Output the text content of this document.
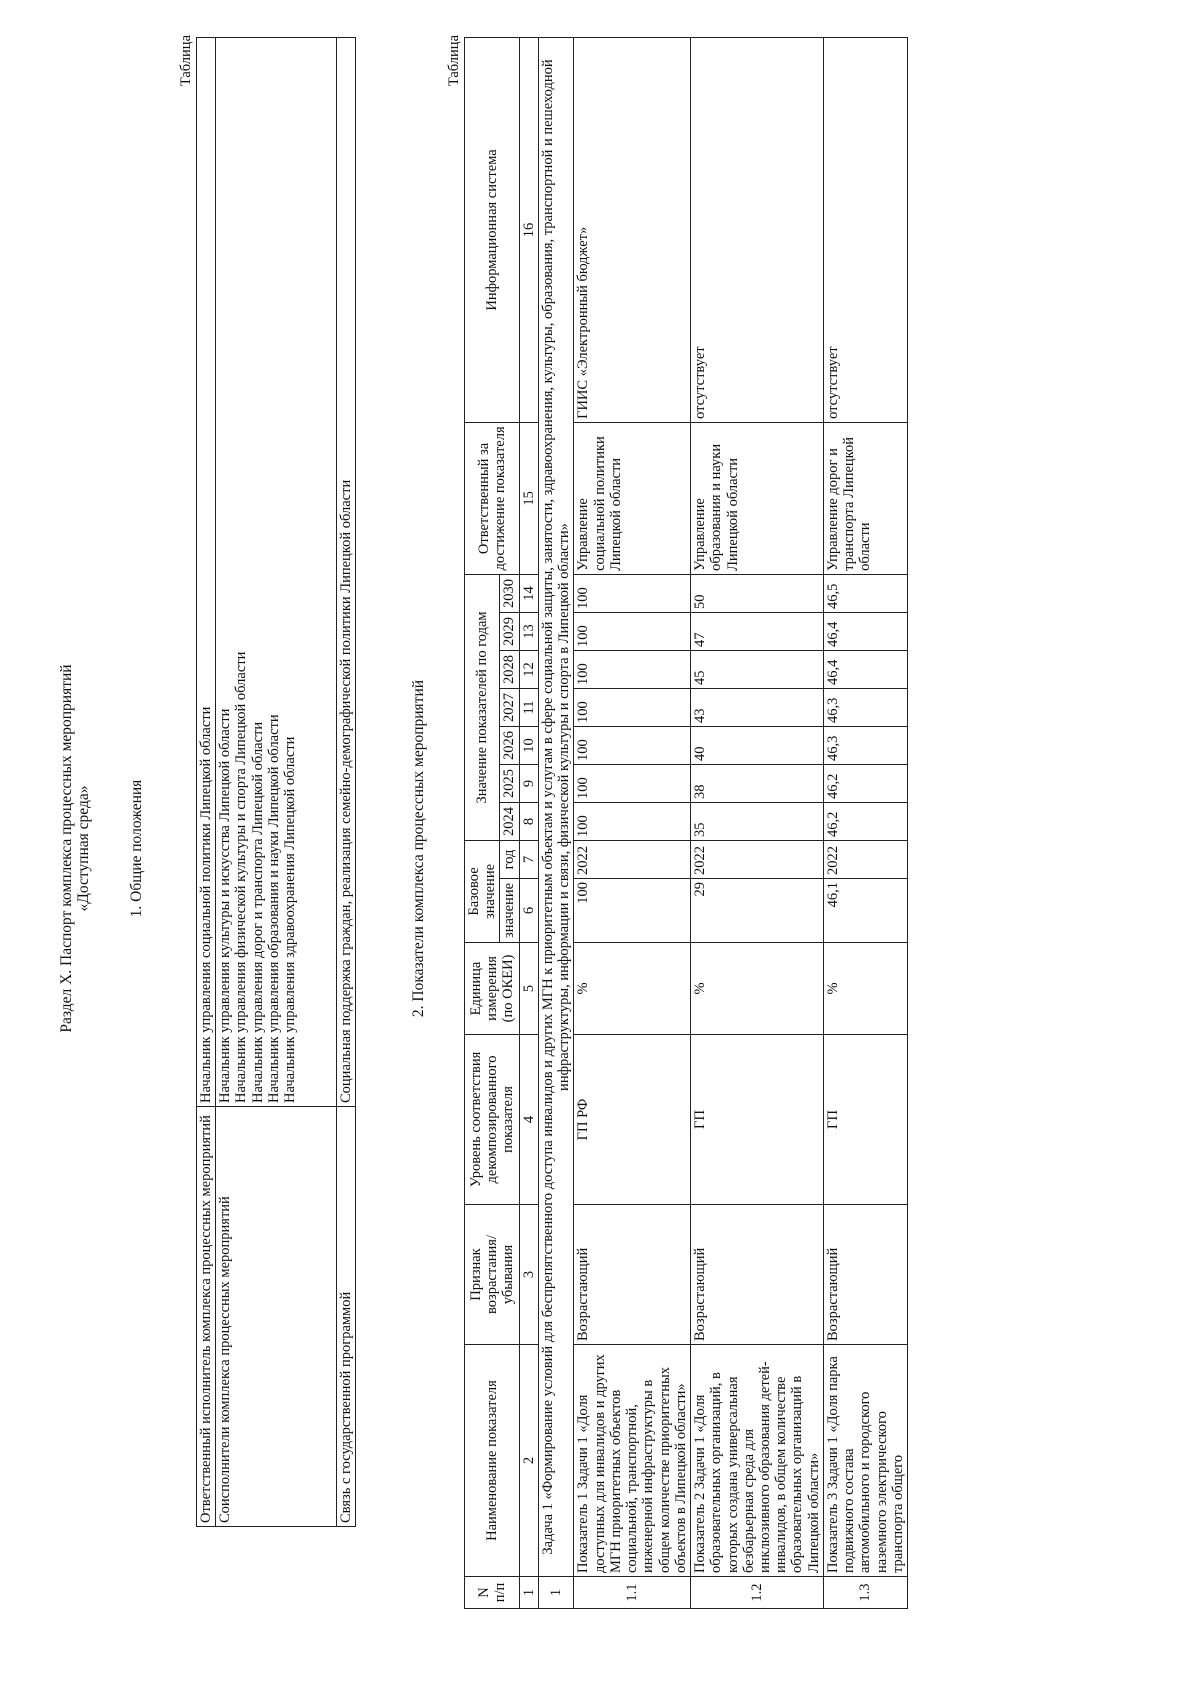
Раздел X. Паспорт комплекса процессных мероприятий «Доступная среда» 1. Общие положения
Таблица
Ответственный исполнитель комплекса процессных мероприятий	Начальник управления социальной политики Липецкой области
Соисполнители комплекса процессных мероприятий	Начальник управления культуры и искусства Липецкой области Начальник управления физической культуры и спорта Липецкой области Начальник управления дорог и транспорта Липецкой области Начальник управления образования и науки Липецкой области Начальник управления здравоохранения Липецкой области

Связь с государственной программой	Социальная поддержка граждан, реализация семейно-демографической политики Липецкой области	2. Показатели комплекса процессных мероприятий
Таблица
N п/п	Наименование показателя	Признак возрастания/ убывания	Уровень соответствия декомпозированного показателя	Единица измерения (по ОКЕИ)	Базовое значение		Значение показателей по годам							Ответственный за достижение показателя	Информационная система
					значение	год	2024	2025	2026	2027	2028	2029	2030		
1	2	3	4	5	6	7	8	9	10	11	12	13	14	15	16
1	Задача 1 «Формирование условий для беспрепятственного доступа инвалидов и других МГН к приоритетным объектам и услугам в сфере социальной защиты, занятости, здравоохранения, культуры, образования, транспортной и пешеходной инфраструктуры, информации и связи, физической культуры и спорта в Липецкой области»														
1.1	Показатель 1 Задачи 1 «Доля доступных для инвалидов и других МГН приоритетных объектов социальной, транспортной, инженерной инфраструктуры в общем количестве приоритетных объектов в Липецкой области»	Возрастающий	ГП РФ	%	100	2022	100	100	100	100	100	100	100	Управление социальной политики Липецкой области	ГИИС «Электронный бюджет»
1.2	Показатель 2 Задачи 1 «Доля образовательных организаций, в которых создана универсальная безбарьерная среда для инклюзивного образования детей-инвалидов, в общем количестве образовательных организаций в Липецкой области»	Возрастающий	ГП	%	29	2022	35	38	40	43	45	47	50	Управление образования и науки Липецкой области	отсутствует
1.3	Показатель 3 Задачи 1 «Доля парка подвижного состава автомобильного и городского наземного электрического транспорта общего	Возрастающий	ГП	%	46,1	2022	46,2	46,2	46,3	46,3	46,4	46,4	46,5	Управление дорог и транспорта Липецкой области	отсутствует
